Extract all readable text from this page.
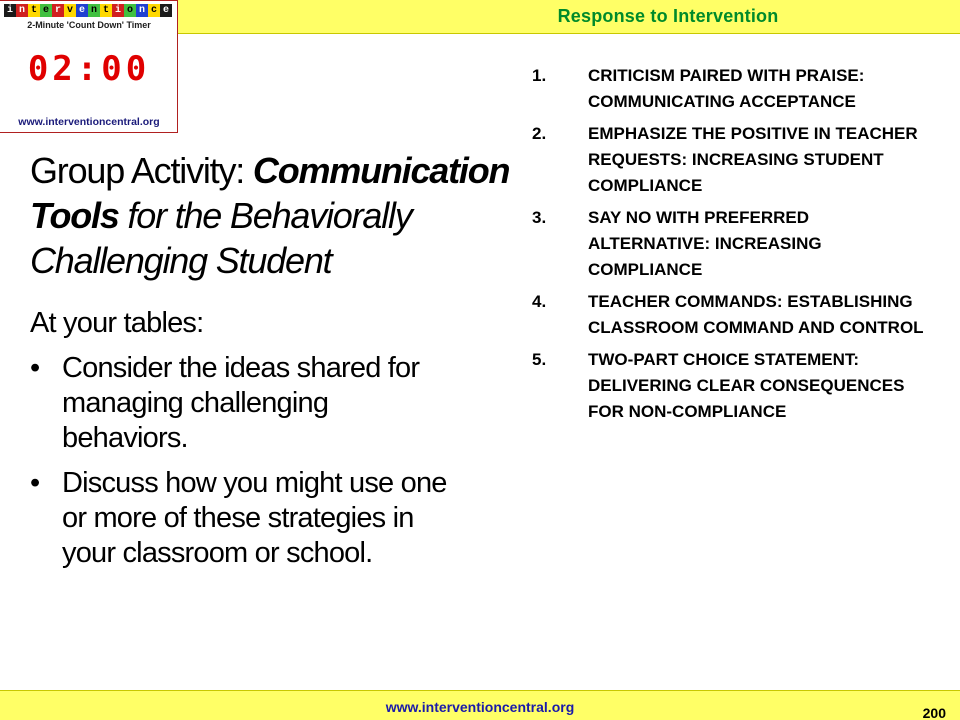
Response to Intervention
i n t e r v e n t i o n c e
2-Minute 'Count Down' Timer
02:00
www.interventioncentral.org
Group Activity: Communication Tools for the Behaviorally Challenging Student
At your tables:
• Consider the ideas shared for managing challenging behaviors.
• Discuss how you might use one or more of these strategies in your classroom or school.
1.	CRITICISM PAIRED WITH PRAISE: COMMUNICATING ACCEPTANCE
2.	EMPHASIZE THE POSITIVE IN TEACHER REQUESTS: INCREASING STUDENT COMPLIANCE
3.	SAY NO WITH PREFERRED ALTERNATIVE: INCREASING COMPLIANCE
4.	TEACHER COMMANDS: ESTABLISHING CLASSROOM COMMAND AND CONTROL
5.	TWO-PART CHOICE STATEMENT: DELIVERING CLEAR CONSEQUENCES FOR NON-COMPLIANCE
www.interventioncentral.org	200
